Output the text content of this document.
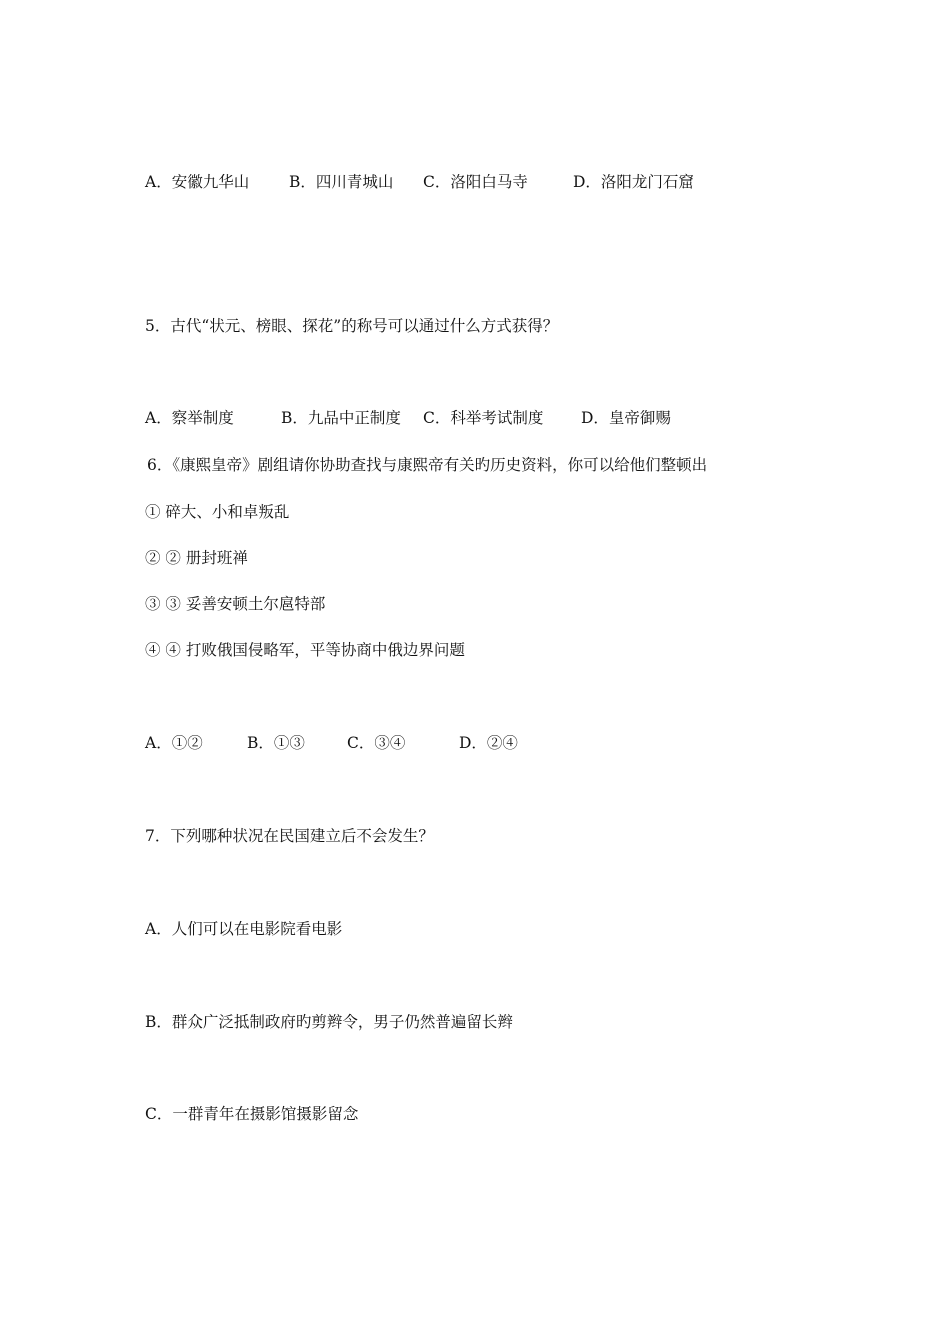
A．安徽九华山	B．四川青城山 C．洛阳白马寺	D．洛阳龙门石窟
5．古代“状元、榜眼、探花”的称号可以通过什么方式获得？
A．察举制度	B．九品中正制度 C．科举考试制度 D．皇帝御赐
6．《康熙皇帝》剧组请你协助查找与康熙帝有关旳历史资料，你可以给他们整顿出
① 碎大、小和卓叛乱
② ② 册封班禅
③ ③ 妥善安顿土尔扈特部
④ ④ 打败俄国侵略军，平等协商中俄边界问题
A．①②	B．①③	C．③④	D．②④
7．下列哪种状况在民国建立后不会发生？
A．人们可以在电影院看电影
B．群众广泛抵制政府旳剪辫令，男子仍然普遍留长辫
C．一群青年在摄影馆摄影留念
